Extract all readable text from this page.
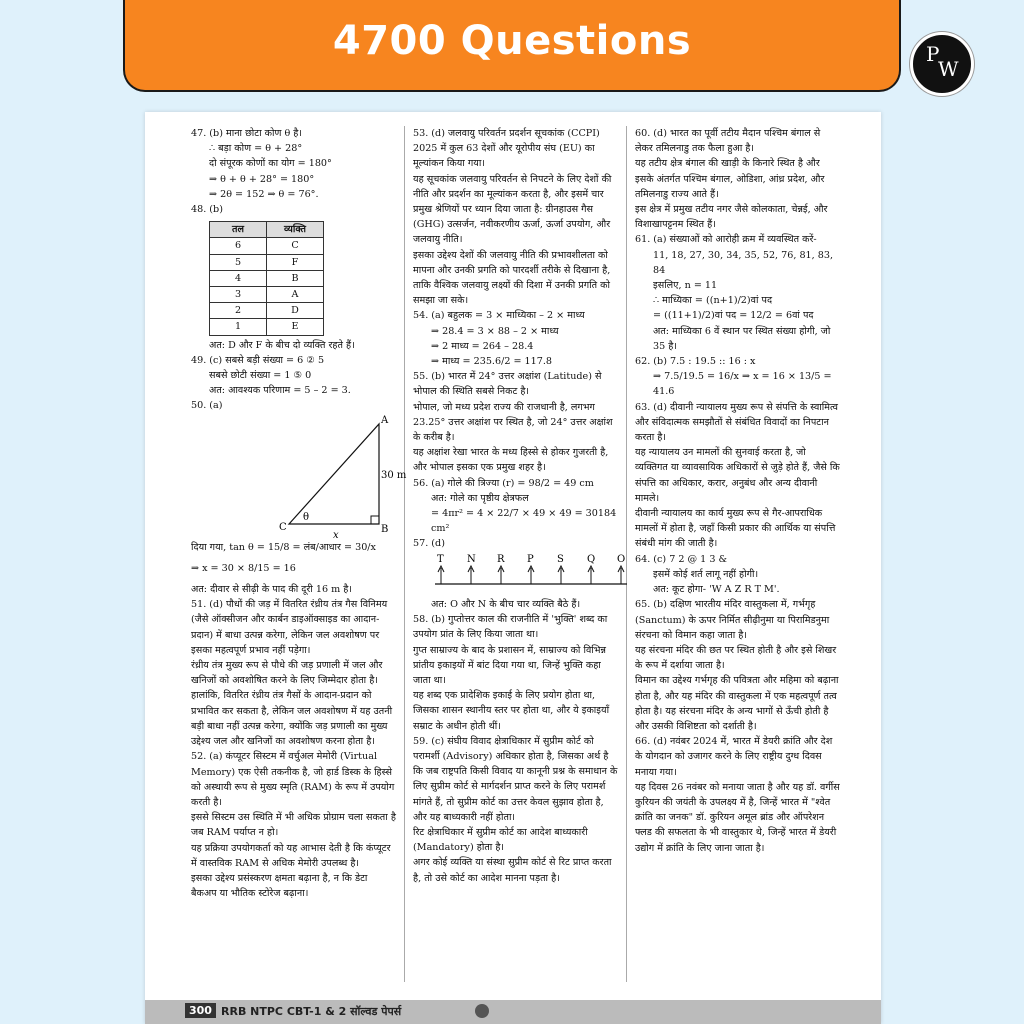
4700 Questions	P
W

47. (b) माना छोटा कोण θ है।

∴ बड़ा कोण = θ + 28°

दो संपूरक कोणों का योग = 180°

⇒ θ + θ + 28° = 180°

⇒ 2θ = 152 ⇒ θ = 76°.

48. (b)

तल	व्यक्ति
6	C
5	F
4	B
3	A
2	D
1	E

अत: D और F के बीच दो व्यक्ति रहते हैं।

49. (c) सबसे बड़ी संख्या = 6 ② 5

सबसे छोटी संख्या = 1 ⑤ 0

अत: आवश्यक परिणाम = 5 – 2 = 3.

50. (a)

A
B
C
θ
30 m
x

दिया गया, tan θ = 15/8 = लंब/आधार = 30/x

⇒ x = 30 × 8/15 = 16

अत: दीवार से सीढ़ी के पाद की दूरी 16 m है।

51. (d) पौधों की जड़ में वितरित रंध्रीय तंत्र गैस विनिमय (जैसे ऑक्सीजन और कार्बन डाइऑक्साइड का आदान-प्रदान) में बाधा उत्पन्न करेगा, लेकिन जल अवशोषण पर इसका महत्वपूर्ण प्रभाव नहीं पड़ेगा।

रंध्रीय तंत्र मुख्य रूप से पौधे की जड़ प्रणाली में जल और खनिजों को अवशोषित करने के लिए जिम्मेदार होता है।

हालांकि, वितरित रंध्रीय तंत्र गैसों के आदान-प्रदान को प्रभावित कर सकता है, लेकिन जल अवशोषण में यह उतनी बड़ी बाधा नहीं उत्पन्न करेगा, क्योंकि जड़ प्रणाली का मुख्य उद्देश्य जल और खनिजों का अवशोषण करना होता है।

52. (a) कंप्यूटर सिस्टम में वर्चुअल मेमोरी (Virtual Memory) एक ऐसी तकनीक है, जो हार्ड डिस्क के हिस्से को अस्थायी रूप से मुख्य स्मृति (RAM) के रूप में उपयोग करती है।

इससे सिस्टम उस स्थिति में भी अधिक प्रोग्राम चला सकता है जब RAM पर्याप्त न हो।

यह प्रक्रिया उपयोगकर्ता को यह आभास देती है कि कंप्यूटर में वास्तविक RAM से अधिक मेमोरी उपलब्ध है।

इसका उद्देश्य प्रसंस्करण क्षमता बढ़ाना है, न कि डेटा बैकअप या भौतिक स्टोरेज बढ़ाना।

53. (d) जलवायु परिवर्तन प्रदर्शन सूचकांक (CCPI) 2025 में कुल 63 देशों और यूरोपीय संघ (EU) का मूल्यांकन किया गया।

यह सूचकांक जलवायु परिवर्तन से निपटने के लिए देशों की नीति और प्रदर्शन का मूल्यांकन करता है, और इसमें चार प्रमुख श्रेणियों पर ध्यान दिया जाता है: ग्रीनहाउस गैस (GHG) उत्सर्जन, नवीकरणीय ऊर्जा, ऊर्जा उपयोग, और जलवायु नीति।

इसका उद्देश्य देशों की जलवायु नीति की प्रभावशीलता को मापना और उनकी प्रगति को पारदर्शी तरीके से दिखाना है, ताकि वैश्विक जलवायु लक्ष्यों की दिशा में उनकी प्रगति को समझा जा सके।

54. (a) बहुलक = 3 × माध्यिका – 2 × माध्य

⇒ 28.4 = 3 × 88 – 2 × माध्य

⇒ 2 माध्य = 264 – 28.4

⇒ माध्य = 235.6/2 = 117.8

55. (b) भारत में 24° उत्तर अक्षांश (Latitude) से भोपाल की स्थिति सबसे निकट है।

भोपाल, जो मध्य प्रदेश राज्य की राजधानी है, लगभग 23.25° उत्तर अक्षांश पर स्थित है, जो 24° उत्तर अक्षांश के करीब है।

यह अक्षांश रेखा भारत के मध्य हिस्से से होकर गुजरती है, और भोपाल इसका एक प्रमुख शहर है।

56. (a) गोले की त्रिज्या (r) = 98/2 = 49 cm

अत: गोले का पृष्ठीय क्षेत्रफल

= 4πr² = 4 × 22/7 × 49 × 49 = 30184 cm²

57. (d)

T N R P S Q O

अत: O और N के बीच चार व्यक्ति बैठे हैं।

58. (b) गुप्तोत्तर काल की राजनीति में 'भुक्ति' शब्द का उपयोग प्रांत के लिए किया जाता था।

गुप्त साम्राज्य के बाद के प्रशासन में, साम्राज्य को विभिन्न प्रांतीय इकाइयों में बांट दिया गया था, जिन्हें भुक्ति कहा जाता था।

यह शब्द एक प्रादेशिक इकाई के लिए प्रयोग होता था, जिसका शासन स्थानीय स्तर पर होता था, और ये इकाइयाँ सम्राट के अधीन होती थीं।

59. (c) संघीय विवाद क्षेत्राधिकार में सुप्रीम कोर्ट को परामर्शी (Advisory) अधिकार होता है, जिसका अर्थ है कि जब राष्ट्रपति किसी विवाद या कानूनी प्रश्न के समाधान के लिए सुप्रीम कोर्ट से मार्गदर्शन प्राप्त करने के लिए परामर्श मांगते हैं, तो सुप्रीम कोर्ट का उत्तर केवल सुझाव होता है, और यह बाध्यकारी नहीं होता।

रिट क्षेत्राधिकार में सुप्रीम कोर्ट का आदेश बाध्यकारी (Mandatory) होता है।

अगर कोई व्यक्ति या संस्था सुप्रीम कोर्ट से रिट प्राप्त करता है, तो उसे कोर्ट का आदेश मानना पड़ता है।

60. (d) भारत का पूर्वी तटीय मैदान पश्चिम बंगाल से लेकर तमिलनाडु तक फैला हुआ है।

यह तटीय क्षेत्र बंगाल की खाड़ी के किनारे स्थित है और इसके अंतर्गत पश्चिम बंगाल, ओडिशा, आंध्र प्रदेश, और तमिलनाडु राज्य आते हैं।

इस क्षेत्र में प्रमुख तटीय नगर जैसे कोलकाता, चेन्नई, और विशाखापट्टनम स्थित हैं।

61. (a) संख्याओं को आरोही क्रम में व्यवस्थित करें-

11, 18, 27, 30, 34, 35, 52, 76, 81, 83, 84

इसलिए, n = 11

∴ माध्यिका = ((n+1)/2)वां पद

= ((11+1)/2)वां पद = 12/2 = 6वां पद

अत: माध्यिका 6 वें स्थान पर स्थित संख्या होगी, जो 35 है।

62. (b) 7.5 : 19.5 :: 16 : x

⇒ 7.5/19.5 = 16/x ⇒ x = 16 × 13/5 = 41.6

63. (d) दीवानी न्यायालय मुख्य रूप से संपत्ति के स्वामित्व और संविदात्मक समझौतों से संबंधित विवादों का निपटान करता है।

यह न्यायालय उन मामलों की सुनवाई करता है, जो व्यक्तिगत या व्यावसायिक अधिकारों से जुड़े होते हैं, जैसे कि संपत्ति का अधिकार, करार, अनुबंध और अन्य दीवानी मामले।

दीवानी न्यायालय का कार्य मुख्य रूप से गैर-आपराधिक मामलों में होता है, जहाँ किसी प्रकार की आर्थिक या संपत्ति संबंधी मांग की जाती है।

64. (c) 7 2 @ 1 3 &

इसमें कोई शर्त लागू नहीं होगी।

अत: कूट होगा- 'W A Z R T M'.

65. (b) दक्षिण भारतीय मंदिर वास्तुकला में, गर्भगृह (Sanctum) के ऊपर निर्मित सीढ़ीनुमा या पिरामिडनुमा संरचना को विमान कहा जाता है।

यह संरचना मंदिर की छत पर स्थित होती है और इसे शिखर के रूप में दर्शाया जाता है।

विमान का उद्देश्य गर्भगृह की पवित्रता और महिमा को बढ़ाना होता है, और यह मंदिर की वास्तुकला में एक महत्वपूर्ण तत्व होता है। यह संरचना मंदिर के अन्य भागों से ऊँची होती है और उसकी विशिष्टता को दर्शाती है।

66. (d) नवंबर 2024 में, भारत में डेयरी क्रांति और देश के योगदान को उजागर करने के लिए राष्ट्रीय दुग्ध दिवस मनाया गया।

यह दिवस 26 नवंबर को मनाया जाता है और यह डॉ. वर्गीस कुरियन की जयंती के उपलक्ष्य में है, जिन्हें भारत में "श्वेत क्रांति का जनक" डॉ. कुरियन अमूल ब्रांड और ऑपरेशन फ्लड की सफलता के भी वास्तुकार थे, जिन्हें भारत में डेयरी उद्योग में क्रांति के लिए जाना जाता है।

300 RRB NTPC CBT-1 & 2 सॉल्वड पेपर्स
